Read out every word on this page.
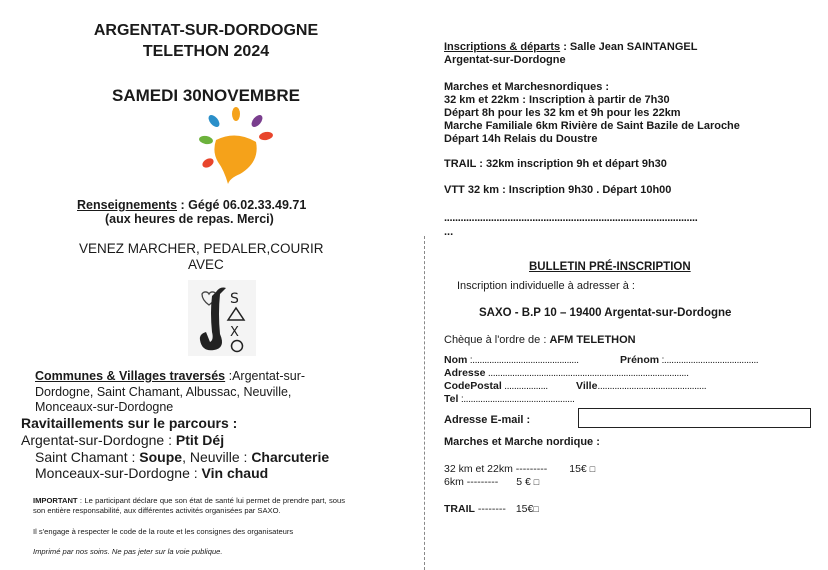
ARGENTAT-SUR-DORDOGNE
TELETHON 2024
SAMEDI 30NOVEMBRE
Renseignements : Gégé 06.02.33.49.71
(aux heures de repas. Merci)
VENEZ MARCHER, PEDALER,COURIR
AVEC
S
X
Communes & Villages traversés :Argentat-sur-
Dordogne, Saint Chamant, Albussac, Neuville,
Monceaux-sur-Dordogne
Ravitaillements sur le parcours :
Argentat-sur-Dordogne : Ptit Déj
Saint Chamant : Soupe, Neuville : Charcuterie
Monceaux-sur-Dordogne : Vin chaud
IMPORTANT : Le participant déclare que son état de santé lui permet de prendre part, sous son entière responsabilité, aux différentes activités organisées par SAXO.
Il s'engage à respecter le code de la route et les consignes des organisateurs
Imprimé par nos soins. Ne pas jeter sur la voie publique.
Inscriptions & départs : Salle Jean SAINTANGEL
Argentat-sur-Dordogne
Marches et Marchesnordiques :
32 km et 22km : Inscription à partir de 7h30
Départ 8h pour les 32 km et 9h pour les 22km
Marche Familiale 6km Rivière de Saint Bazile de Laroche
Départ 14h Relais du Doustre
TRAIL : 32km inscription 9h et départ 9h30
VTT 32 km : Inscription 9h30 . Départ 10h00
............................................................................................
...
BULLETIN PRÉ-INSCRIPTION
Inscription individuelle à adresser à :
SAXO - B.P 10 – 19400 Argentat-sur-Dordogne
Chèque à l'ordre de : AFM TELETHON
Nom :............................................	Prénom :.......................................
Adresse ...................................................................................
CodePostal ..................	Ville.............................................
Tel :..............................................
Adresse E-mail :
Marches et Marche nordique :
32 km et 22km --------- 15€ □
6km --------- 5 € □
TRAIL -------- 15€□
